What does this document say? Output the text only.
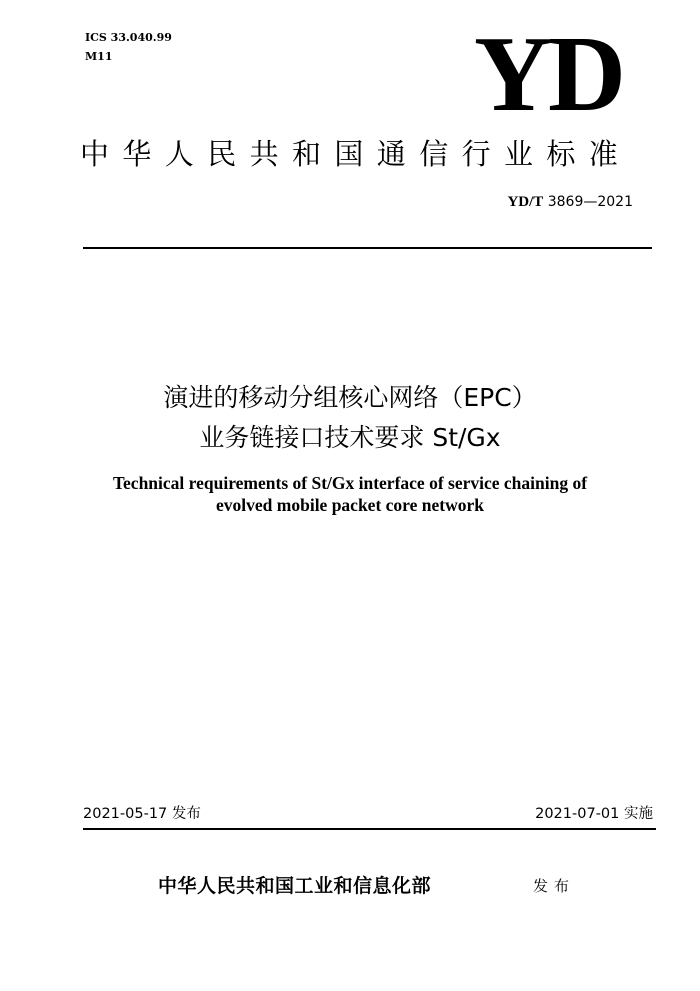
ICS 33.040.99
M11	YD
中华人民共和国通信行业标准
YD/T 3869—2021
演进的移动分组核心网络（EPC）
业务链接口技术要求 St/Gx
Technical requirements of St/Gx interface of service chaining of
evolved mobile packet core network
2021-05-17 发布	2021-07-01 实施
中华人民共和国工业和信息化部	发布
